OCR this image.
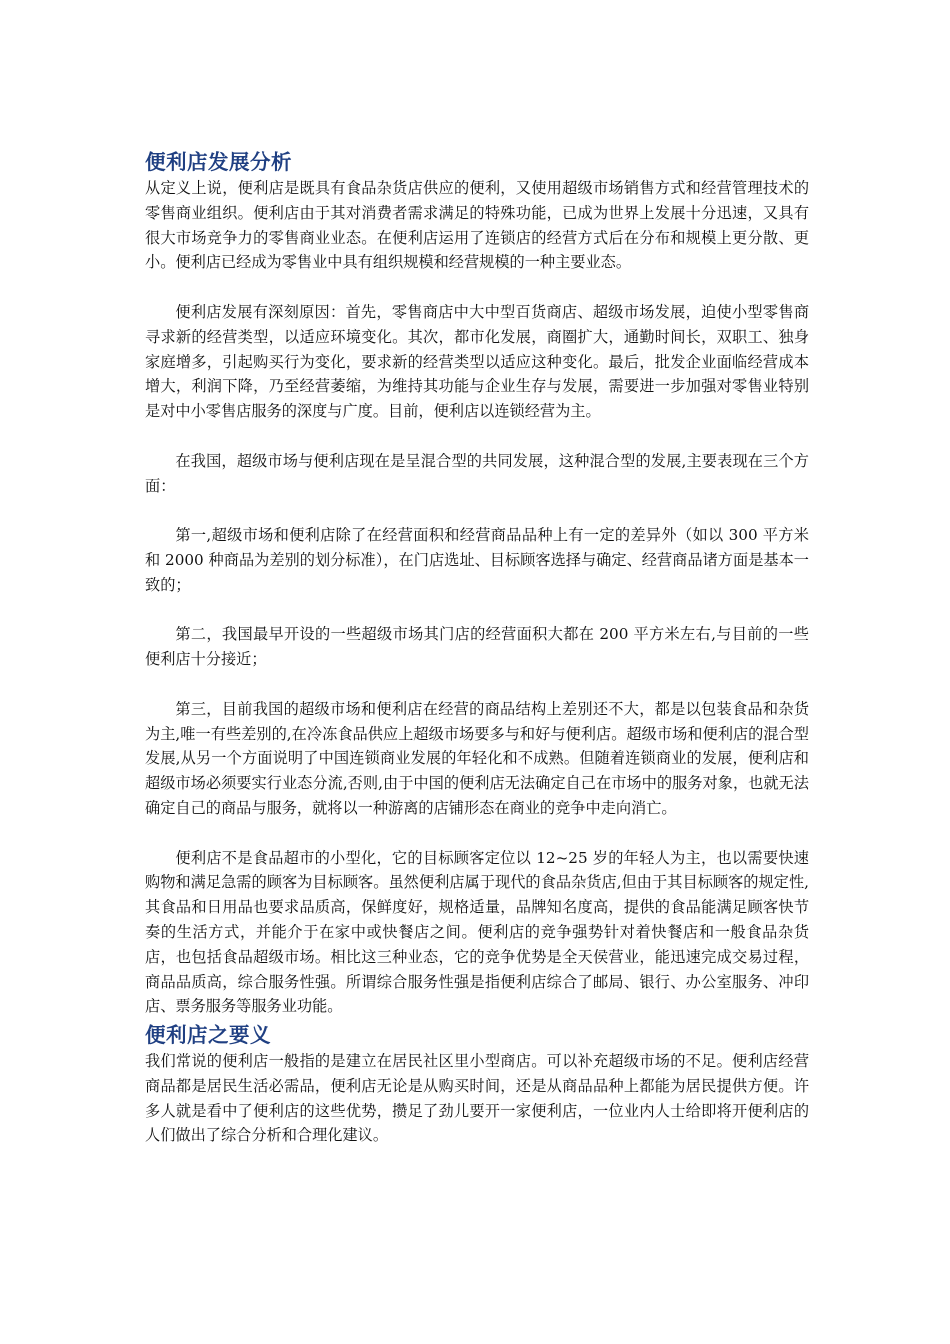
便利店发展分析

从定义上说，便利店是既具有食品杂货店供应的便利，又使用超级市场销售方式和经营管理技术的零售商业组织。便利店由于其对消费者需求满足的特殊功能，已成为世界上发展十分迅速，又具有很大市场竞争力的零售商业业态。在便利店运用了连锁店的经营方式后在分布和规模上更分散、更小。便利店已经成为零售业中具有组织规模和经营规模的一种主要业态。

便利店发展有深刻原因：首先，零售商店中大中型百货商店、超级市场发展，迫使小型零售商寻求新的经营类型，以适应环境变化。其次，都市化发展，商圈扩大，通勤时间长，双职工、独身家庭增多，引起购买行为变化，要求新的经营类型以适应这种变化。最后，批发企业面临经营成本增大，利润下降，乃至经营萎缩，为维持其功能与企业生存与发展，需要进一步加强对零售业特别是对中小零售店服务的深度与广度。目前，便利店以连锁经营为主。

在我国，超级市场与便利店现在是呈混合型的共同发展，这种混合型的发展,主要表现在三个方面：

第一,超级市场和便利店除了在经营面积和经营商品品种上有一定的差异外（如以 300 平方米和 2000 种商品为差别的划分标准），在门店选址、目标顾客选择与确定、经营商品诸方面是基本一致的；

第二，我国最早开设的一些超级市场其门店的经营面积大都在 200 平方米左右,与目前的一些便利店十分接近；

第三，目前我国的超级市场和便利店在经营的商品结构上差别还不大，都是以包装食品和杂货为主,唯一有些差别的,在冷冻食品供应上超级市场要多与和好与便利店。超级市场和便利店的混合型发展,从另一个方面说明了中国连锁商业发展的年轻化和不成熟。但随着连锁商业的发展，便利店和超级市场必须要实行业态分流,否则,由于中国的便利店无法确定自己在市场中的服务对象，也就无法确定自己的商品与服务，就将以一种游离的店铺形态在商业的竞争中走向消亡。

便利店不是食品超市的小型化，它的目标顾客定位以 12~25 岁的年轻人为主，也以需要快速购物和满足急需的顾客为目标顾客。虽然便利店属于现代的食品杂货店,但由于其目标顾客的规定性,其食品和日用品也要求品质高，保鲜度好，规格适量，品牌知名度高，提供的食品能满足顾客快节奏的生活方式，并能介于在家中或快餐店之间。便利店的竞争强势针对着快餐店和一般食品杂货店，也包括食品超级市场。相比这三种业态，它的竞争优势是全天侯营业，能迅速完成交易过程，商品品质高，综合服务性强。所谓综合服务性强是指便利店综合了邮局、银行、办公室服务、冲印店、票务服务等服务业功能。

便利店之要义

我们常说的便利店一般指的是建立在居民社区里小型商店。可以补充超级市场的不足。便利店经营商品都是居民生活必需品，便利店无论是从购买时间，还是从商品品种上都能为居民提供方便。许多人就是看中了便利店的这些优势，攒足了劲儿要开一家便利店，一位业内人士给即将开便利店的人们做出了综合分析和合理化建议。
